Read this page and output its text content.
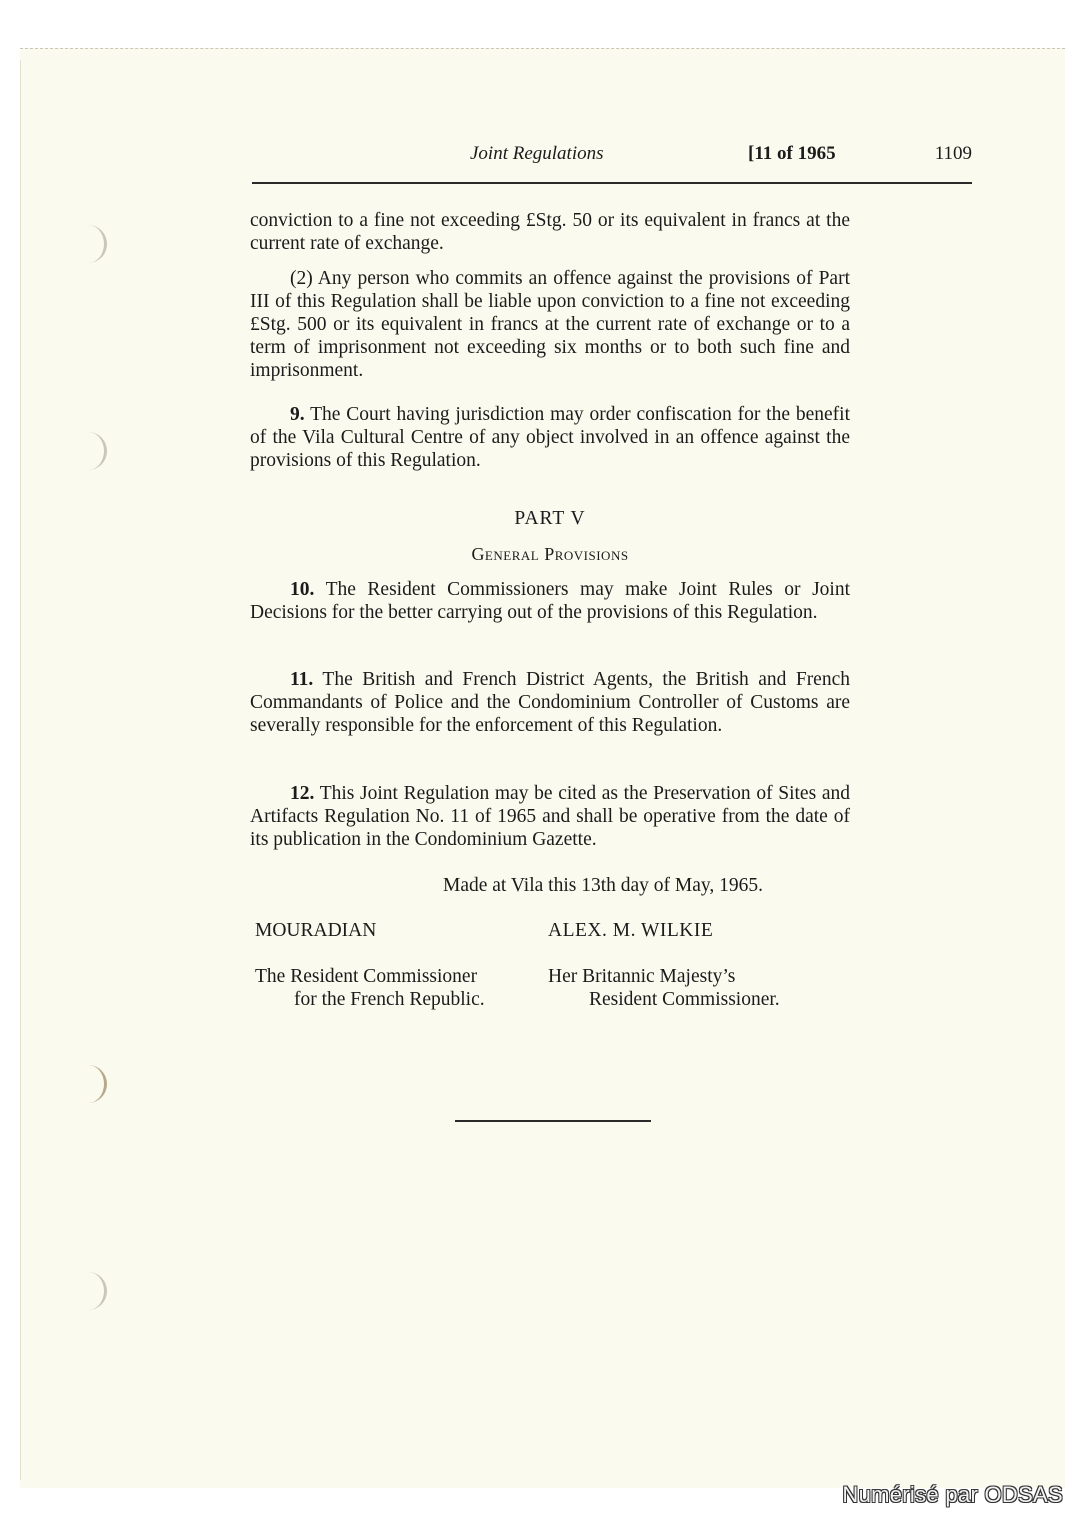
Joint Regulations	[11 of 1965	1109

conviction to a fine not exceeding £Stg. 50 or its equivalent in francs at the current rate of exchange.

(2) Any person who commits an offence against the provisions of Part III of this Regulation shall be liable upon conviction to a fine not exceeding £Stg. 500 or its equivalent in francs at the current rate of exchange or to a term of imprisonment not exceeding six months or to both such fine and imprisonment.

9. The Court having jurisdiction may order confiscation for the benefit of the Vila Cultural Centre of any object involved in an offence against the provisions of this Regulation.

PART V
General Provisions

10. The Resident Commissioners may make Joint Rules or Joint Decisions for the better carrying out of the provisions of this Regulation.

11. The British and French District Agents, the British and French Commandants of Police and the Condominium Controller of Customs are severally responsible for the enforcement of this Regulation.

12. This Joint Regulation may be cited as the Preservation of Sites and Artifacts Regulation No. 11 of 1965 and shall be operative from the date of its publication in the Condominium Gazette.

Made at Vila this 13th day of May, 1965.
MOURADIAN	ALEX. M. WILKIE
The Resident Commissioner
for the French Republic.
Her Britannic Majesty’s
Resident Commissioner.
Numérisé par ODSAS
